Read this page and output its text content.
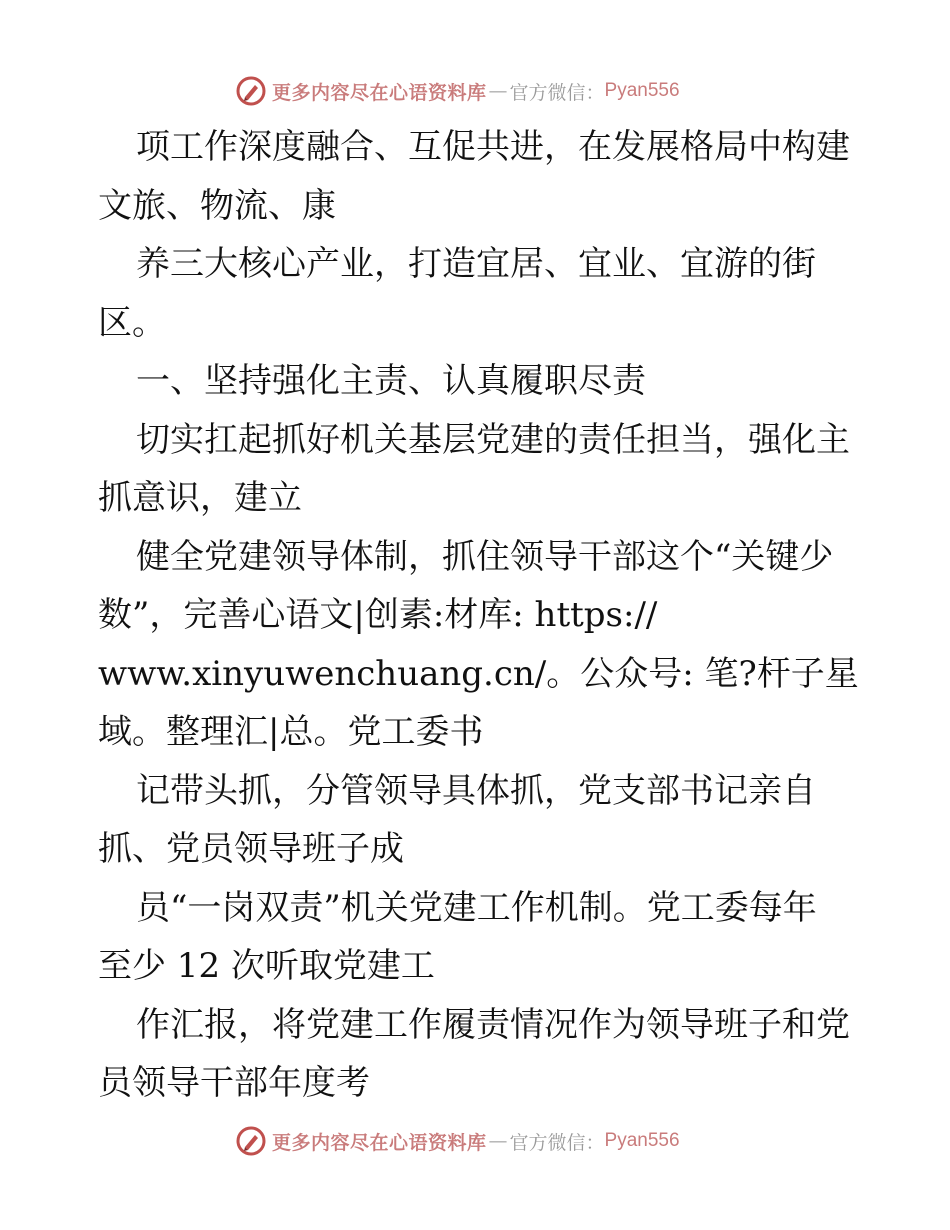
更多内容尽在心语资料库 — 官方微信： Pyan556
项工作深度融合、互促共进，在发展格局中构建
文旅、物流、康
养三大核心产业，打造宜居、宜业、宜游的街
区。
一、坚持强化主责、认真履职尽责
切实扛起抓好机关基层党建的责任担当，强化主
抓意识，建立
健全党建领导体制，抓住领导干部这个“关键少
数”，完善心语文|创素:材库: https://
www.xinyuwenchuang.cn/。公众号: 笔?杆子星
域。整理汇|总。党工委书
记带头抓，分管领导具体抓，党支部书记亲自
抓、党员领导班子成
员“一岗双责”机关党建工作机制。党工委每年
至少 12 次听取党建工
作汇报，将党建工作履责情况作为领导班子和党
员领导干部年度考
更多内容尽在心语资料库 — 官方微信： Pyan556
